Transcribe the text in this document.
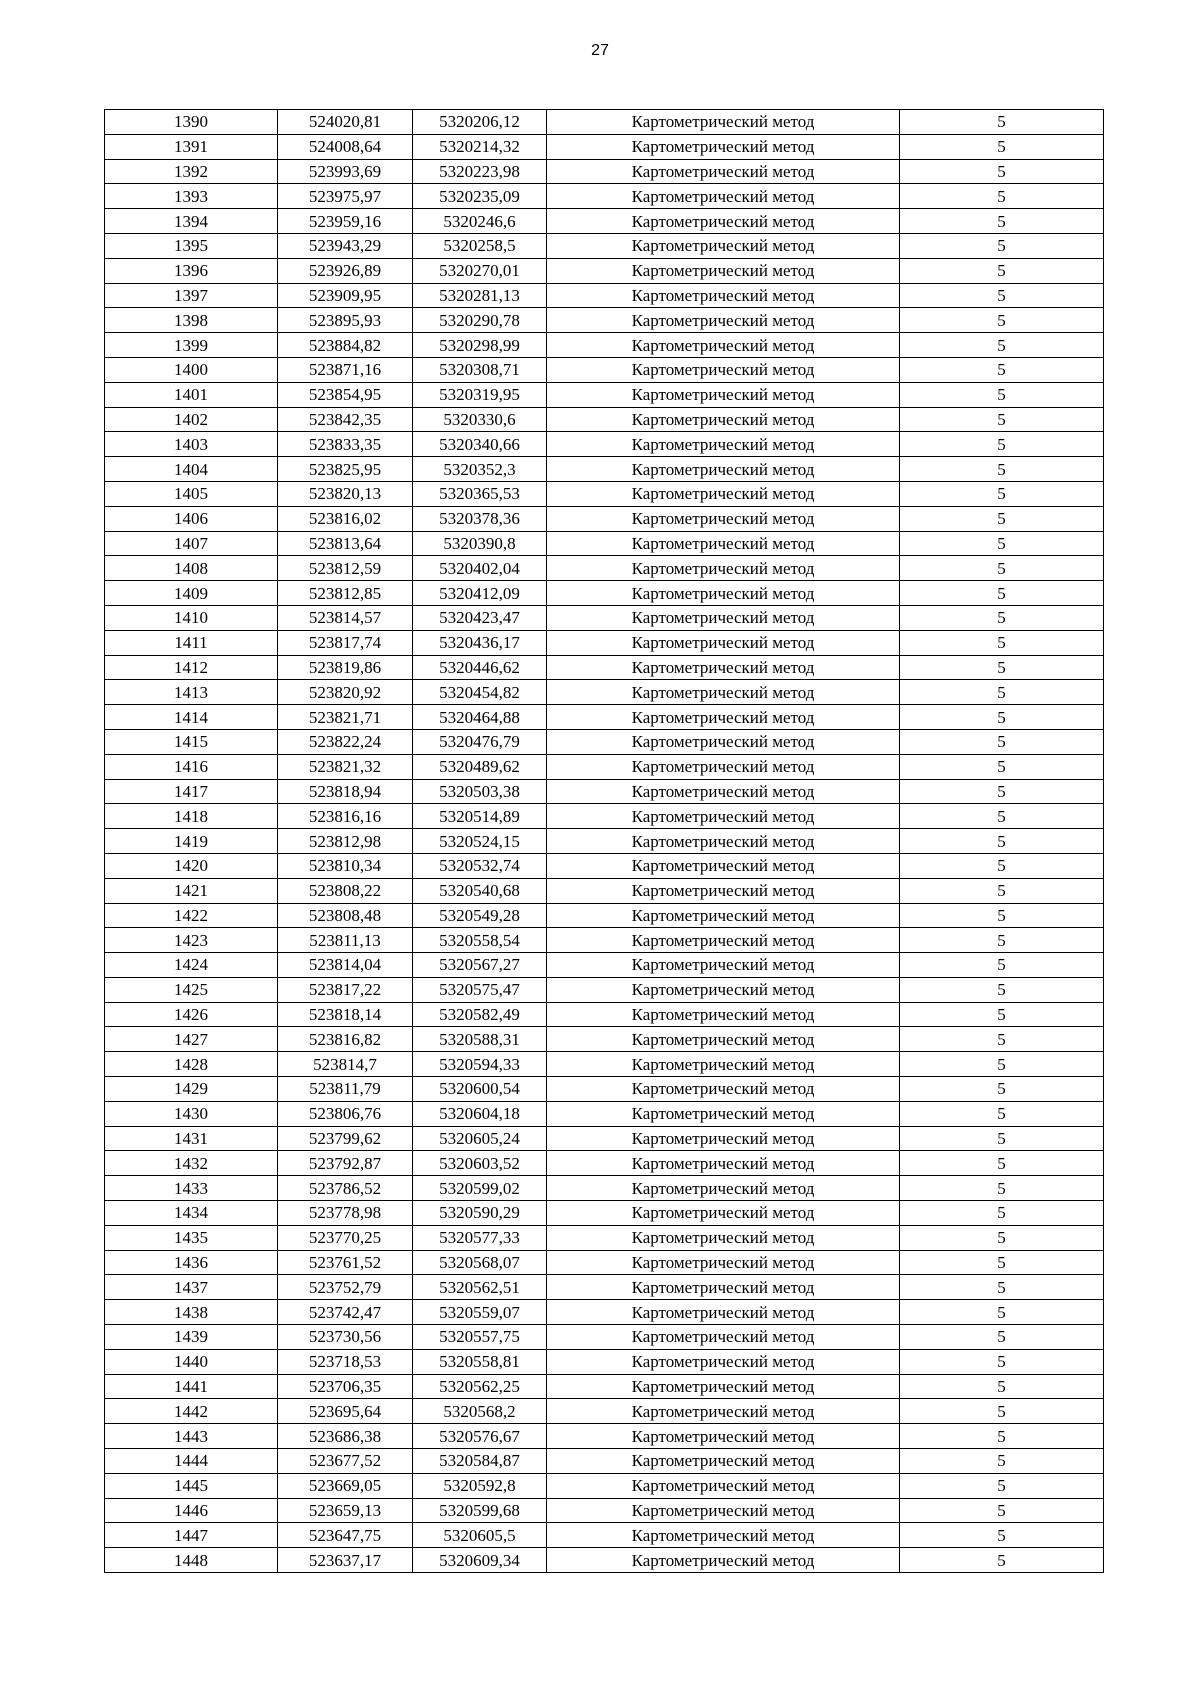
27
1390	524020,81	5320206,12	Картометрический метод	5
1391	524008,64	5320214,32	Картометрический метод	5
1392	523993,69	5320223,98	Картометрический метод	5
1393	523975,97	5320235,09	Картометрический метод	5
1394	523959,16	5320246,6	Картометрический метод	5
1395	523943,29	5320258,5	Картометрический метод	5
1396	523926,89	5320270,01	Картометрический метод	5
1397	523909,95	5320281,13	Картометрический метод	5
1398	523895,93	5320290,78	Картометрический метод	5
1399	523884,82	5320298,99	Картометрический метод	5
1400	523871,16	5320308,71	Картометрический метод	5
1401	523854,95	5320319,95	Картометрический метод	5
1402	523842,35	5320330,6	Картометрический метод	5
1403	523833,35	5320340,66	Картометрический метод	5
1404	523825,95	5320352,3	Картометрический метод	5
1405	523820,13	5320365,53	Картометрический метод	5
1406	523816,02	5320378,36	Картометрический метод	5
1407	523813,64	5320390,8	Картометрический метод	5
1408	523812,59	5320402,04	Картометрический метод	5
1409	523812,85	5320412,09	Картометрический метод	5
1410	523814,57	5320423,47	Картометрический метод	5
1411	523817,74	5320436,17	Картометрический метод	5
1412	523819,86	5320446,62	Картометрический метод	5
1413	523820,92	5320454,82	Картометрический метод	5
1414	523821,71	5320464,88	Картометрический метод	5
1415	523822,24	5320476,79	Картометрический метод	5
1416	523821,32	5320489,62	Картометрический метод	5
1417	523818,94	5320503,38	Картометрический метод	5
1418	523816,16	5320514,89	Картометрический метод	5
1419	523812,98	5320524,15	Картометрический метод	5
1420	523810,34	5320532,74	Картометрический метод	5
1421	523808,22	5320540,68	Картометрический метод	5
1422	523808,48	5320549,28	Картометрический метод	5
1423	523811,13	5320558,54	Картометрический метод	5
1424	523814,04	5320567,27	Картометрический метод	5
1425	523817,22	5320575,47	Картометрический метод	5
1426	523818,14	5320582,49	Картометрический метод	5
1427	523816,82	5320588,31	Картометрический метод	5
1428	523814,7	5320594,33	Картометрический метод	5
1429	523811,79	5320600,54	Картометрический метод	5
1430	523806,76	5320604,18	Картометрический метод	5
1431	523799,62	5320605,24	Картометрический метод	5
1432	523792,87	5320603,52	Картометрический метод	5
1433	523786,52	5320599,02	Картометрический метод	5
1434	523778,98	5320590,29	Картометрический метод	5
1435	523770,25	5320577,33	Картометрический метод	5
1436	523761,52	5320568,07	Картометрический метод	5
1437	523752,79	5320562,51	Картометрический метод	5
1438	523742,47	5320559,07	Картометрический метод	5
1439	523730,56	5320557,75	Картометрический метод	5
1440	523718,53	5320558,81	Картометрический метод	5
1441	523706,35	5320562,25	Картометрический метод	5
1442	523695,64	5320568,2	Картометрический метод	5
1443	523686,38	5320576,67	Картометрический метод	5
1444	523677,52	5320584,87	Картометрический метод	5
1445	523669,05	5320592,8	Картометрический метод	5
1446	523659,13	5320599,68	Картометрический метод	5
1447	523647,75	5320605,5	Картометрический метод	5
1448	523637,17	5320609,34	Картометрический метод	5
